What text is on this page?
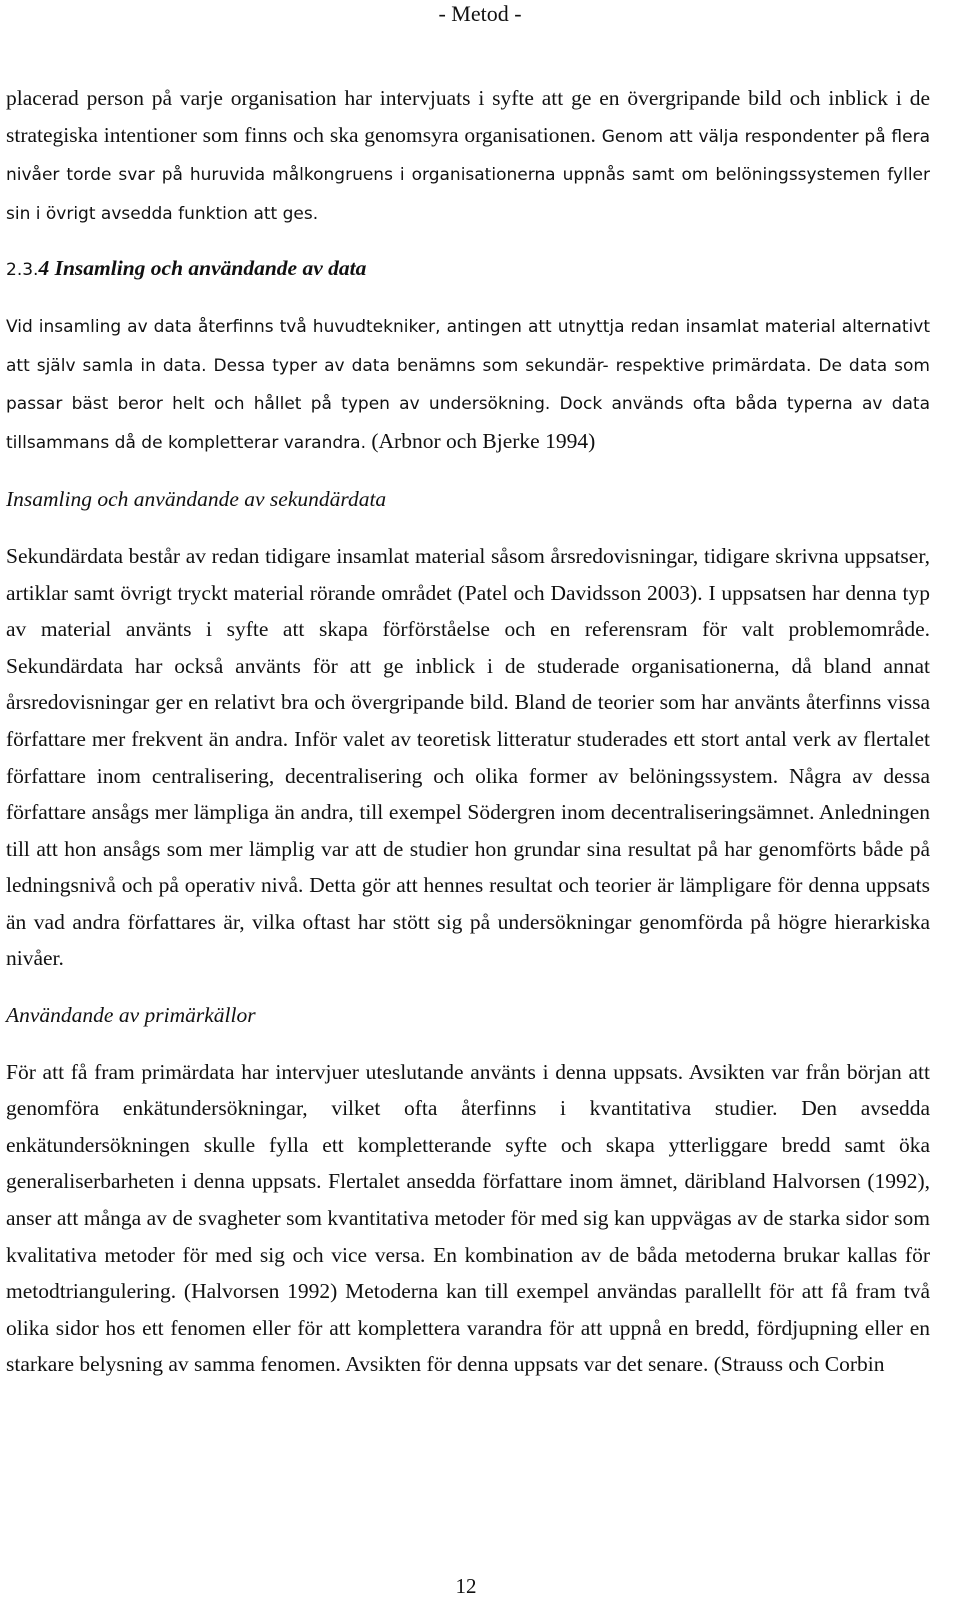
- Metod -

placerad person på varje organisation har intervjuats i syfte att ge en övergripande bild och inblick i de strategiska intentioner som finns och ska genomsyra organisationen. Genom att välja respondenter på flera nivåer torde svar på huruvida målkongruens i organisationerna uppnås samt om belöningssystemen fyller sin i övrigt avsedda funktion att ges.

2.3.4 Insamling och användande av data

Vid insamling av data återfinns två huvudtekniker, antingen att utnyttja redan insamlat material alternativt att själv samla in data. Dessa typer av data benämns som sekundär- respektive primärdata. De data som passar bäst beror helt och hållet på typen av undersökning. Dock används ofta båda typerna av data tillsammans då de kompletterar varandra. (Arbnor och Bjerke 1994)

Insamling och användande av sekundärdata

Sekundärdata består av redan tidigare insamlat material såsom årsredovisningar, tidigare skrivna uppsatser, artiklar samt övrigt tryckt material rörande området (Patel och Davidsson 2003). I uppsatsen har denna typ av material använts i syfte att skapa förförståelse och en referensram för valt problemområde. Sekundärdata har också använts för att ge inblick i de studerade organisationerna, då bland annat årsredovisningar ger en relativt bra och övergripande bild. Bland de teorier som har använts återfinns vissa författare mer frekvent än andra. Inför valet av teoretisk litteratur studerades ett stort antal verk av flertalet författare inom centralisering, decentralisering och olika former av belöningssystem. Några av dessa författare ansågs mer lämpliga än andra, till exempel Södergren inom decentraliseringsämnet. Anledningen till att hon ansågs som mer lämplig var att de studier hon grundar sina resultat på har genomförts både på ledningsnivå och på operativ nivå. Detta gör att hennes resultat och teorier är lämpligare för denna uppsats än vad andra författares är, vilka oftast har stött sig på undersökningar genomförda på högre hierarkiska nivåer.

Användande av primärkällor

För att få fram primärdata har intervjuer uteslutande använts i denna uppsats. Avsikten var från början att genomföra enkätundersökningar, vilket ofta återfinns i kvantitativa studier. Den avsedda enkätundersökningen skulle fylla ett kompletterande syfte och skapa ytterliggare bredd samt öka generaliserbarheten i denna uppsats. Flertalet ansedda författare inom ämnet, däribland Halvorsen (1992), anser att många av de svagheter som kvantitativa metoder för med sig kan uppvägas av de starka sidor som kvalitativa metoder för med sig och vice versa. En kombination av de båda metoderna brukar kallas för metodtriangulering. (Halvorsen 1992) Metoderna kan till exempel användas parallellt för att få fram två olika sidor hos ett fenomen eller för att komplettera varandra för att uppnå en bredd, fördjupning eller en starkare belysning av samma fenomen. Avsikten för denna uppsats var det senare. (Strauss och Corbin

12
